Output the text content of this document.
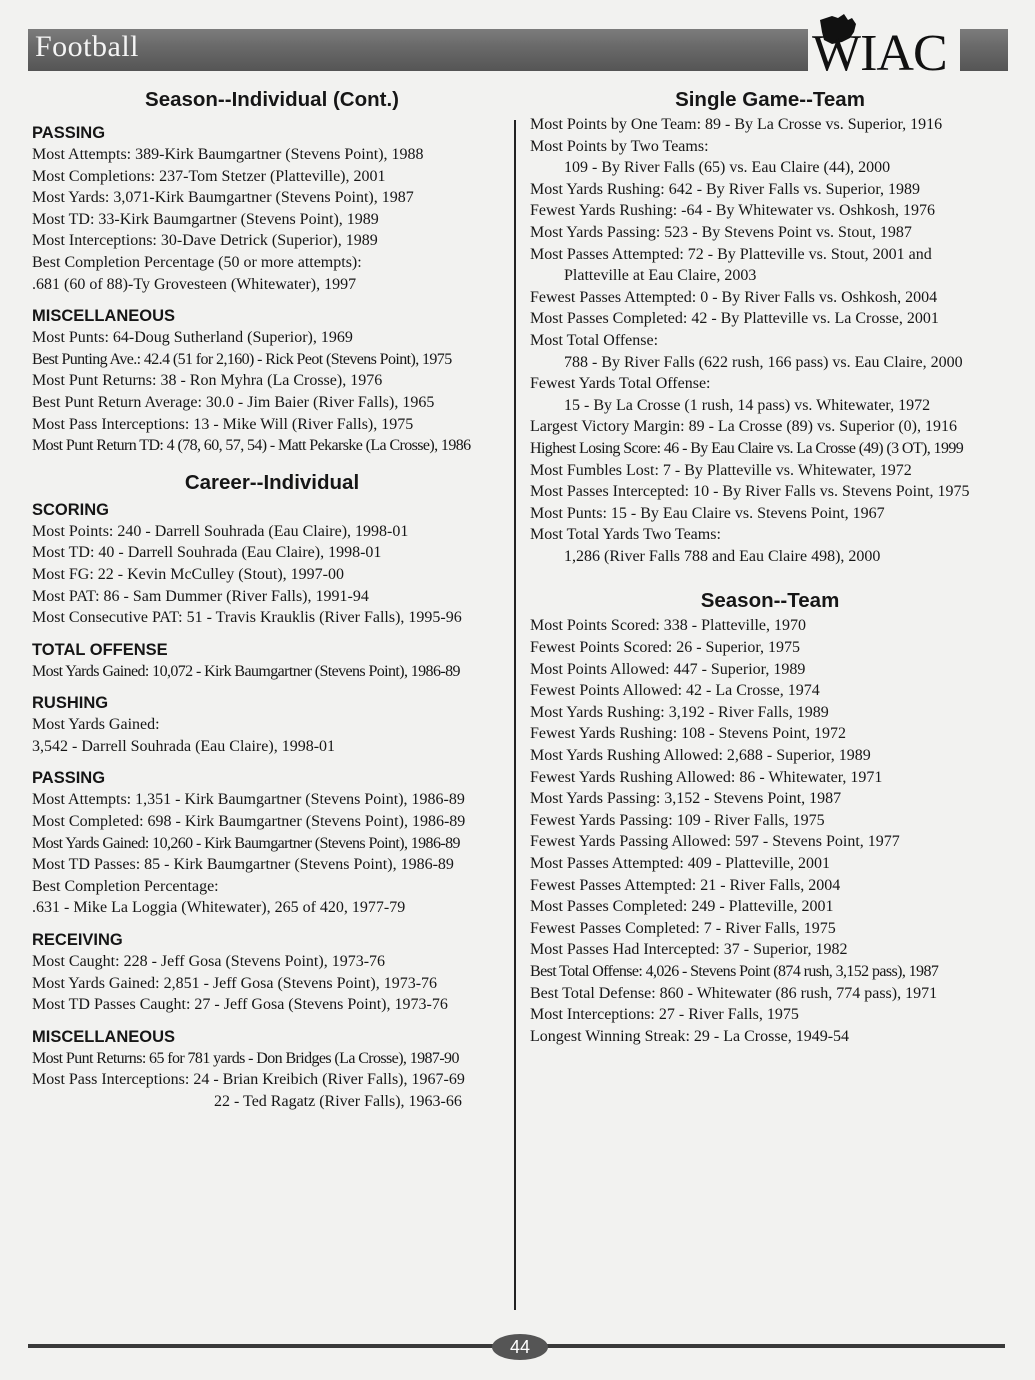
Football	WIAC
Season--Individual (Cont.)
PASSING
Most Attempts: 389-Kirk Baumgartner (Stevens Point), 1988
Most Completions: 237-Tom Stetzer (Platteville), 2001
Most Yards: 3,071-Kirk Baumgartner (Stevens Point), 1987
Most TD: 33-Kirk Baumgartner (Stevens Point), 1989
Most Interceptions: 30-Dave Detrick (Superior), 1989
Best Completion Percentage (50 or more attempts):
.681 (60 of 88)-Ty Grovesteen (Whitewater), 1997
MISCELLANEOUS
Most Punts: 64-Doug Sutherland (Superior), 1969
Best Punting Ave.: 42.4 (51 for 2,160) - Rick Peot (Stevens Point), 1975
Most Punt Returns: 38 - Ron Myhra (La Crosse), 1976
Best Punt Return Average: 30.0 - Jim Baier (River Falls), 1965
Most Pass Interceptions: 13 - Mike Will (River Falls), 1975
Most Punt Return TD: 4 (78, 60, 57, 54) - Matt Pekarske (La Crosse), 1986
Career--Individual
SCORING
Most Points: 240 - Darrell Souhrada (Eau Claire), 1998-01
Most TD: 40 - Darrell Souhrada (Eau Claire), 1998-01
Most FG: 22 - Kevin McCulley (Stout), 1997-00
Most PAT: 86 - Sam Dummer (River Falls), 1991-94
Most Consecutive PAT: 51 - Travis Krauklis (River Falls), 1995-96
TOTAL OFFENSE
Most Yards Gained: 10,072 - Kirk Baumgartner (Stevens Point), 1986-89
RUSHING
Most Yards Gained:
3,542 - Darrell Souhrada (Eau Claire), 1998-01
PASSING
Most Attempts: 1,351 - Kirk Baumgartner (Stevens Point), 1986-89
Most Completed: 698 - Kirk Baumgartner (Stevens Point), 1986-89
Most Yards Gained: 10,260 - Kirk Baumgartner (Stevens Point), 1986-89
Most TD Passes: 85 - Kirk Baumgartner (Stevens Point), 1986-89
Best Completion Percentage:
.631 - Mike La Loggia (Whitewater), 265 of 420, 1977-79
RECEIVING
Most Caught: 228 - Jeff Gosa (Stevens Point), 1973-76
Most Yards Gained: 2,851 - Jeff Gosa (Stevens Point), 1973-76
Most TD Passes Caught: 27 - Jeff Gosa (Stevens Point), 1973-76
MISCELLANEOUS
Most Punt Returns: 65 for 781 yards - Don Bridges (La Crosse), 1987-90
Most Pass Interceptions: 24 - Brian Kreibich (River Falls), 1967-69
22 - Ted Ragatz (River Falls), 1963-66
Single Game--Team
Most Points by One Team: 89 - By La Crosse vs. Superior, 1916
Most Points by Two Teams:
109 - By River Falls (65) vs. Eau Claire (44), 2000
Most Yards Rushing: 642 - By River Falls vs. Superior, 1989
Fewest Yards Rushing: -64 - By Whitewater vs. Oshkosh, 1976
Most Yards Passing: 523 - By Stevens Point vs. Stout, 1987
Most Passes Attempted: 72 - By Platteville vs. Stout, 2001 and
Platteville at Eau Claire, 2003
Fewest Passes Attempted: 0 - By River Falls vs. Oshkosh, 2004
Most Passes Completed: 42 - By Platteville vs. La Crosse, 2001
Most Total Offense:
788 - By River Falls (622 rush, 166 pass) vs. Eau Claire, 2000
Fewest Yards Total Offense:
15 - By La Crosse (1 rush, 14 pass) vs. Whitewater, 1972
Largest Victory Margin: 89 - La Crosse (89) vs. Superior (0), 1916
Highest Losing Score: 46 - By Eau Claire vs. La Crosse (49) (3 OT), 1999
Most Fumbles Lost: 7 - By Platteville vs. Whitewater, 1972
Most Passes Intercepted: 10 - By River Falls vs. Stevens Point, 1975
Most Punts: 15 - By Eau Claire vs. Stevens Point, 1967
Most Total Yards Two Teams:
1,286 (River Falls 788 and Eau Claire 498), 2000
Season--Team
Most Points Scored: 338 - Platteville, 1970
Fewest Points Scored: 26 - Superior, 1975
Most Points Allowed: 447 - Superior, 1989
Fewest Points Allowed: 42 - La Crosse, 1974
Most Yards Rushing: 3,192 - River Falls, 1989
Fewest Yards Rushing: 108 - Stevens Point, 1972
Most Yards Rushing Allowed: 2,688 - Superior, 1989
Fewest Yards Rushing Allowed: 86 - Whitewater, 1971
Most Yards Passing: 3,152 - Stevens Point, 1987
Fewest Yards Passing: 109 - River Falls, 1975
Fewest Yards Passing Allowed: 597 - Stevens Point, 1977
Most Passes Attempted: 409 - Platteville, 2001
Fewest Passes Attempted: 21 - River Falls, 2004
Most Passes Completed: 249 - Platteville, 2001
Fewest Passes Completed: 7 - River Falls, 1975
Most Passes Had Intercepted: 37 - Superior, 1982
Best Total Offense: 4,026 - Stevens Point (874 rush, 3,152 pass), 1987
Best Total Defense: 860 - Whitewater (86 rush, 774 pass), 1971
Most Interceptions: 27 - River Falls, 1975
Longest Winning Streak: 29 - La Crosse, 1949-54
44
